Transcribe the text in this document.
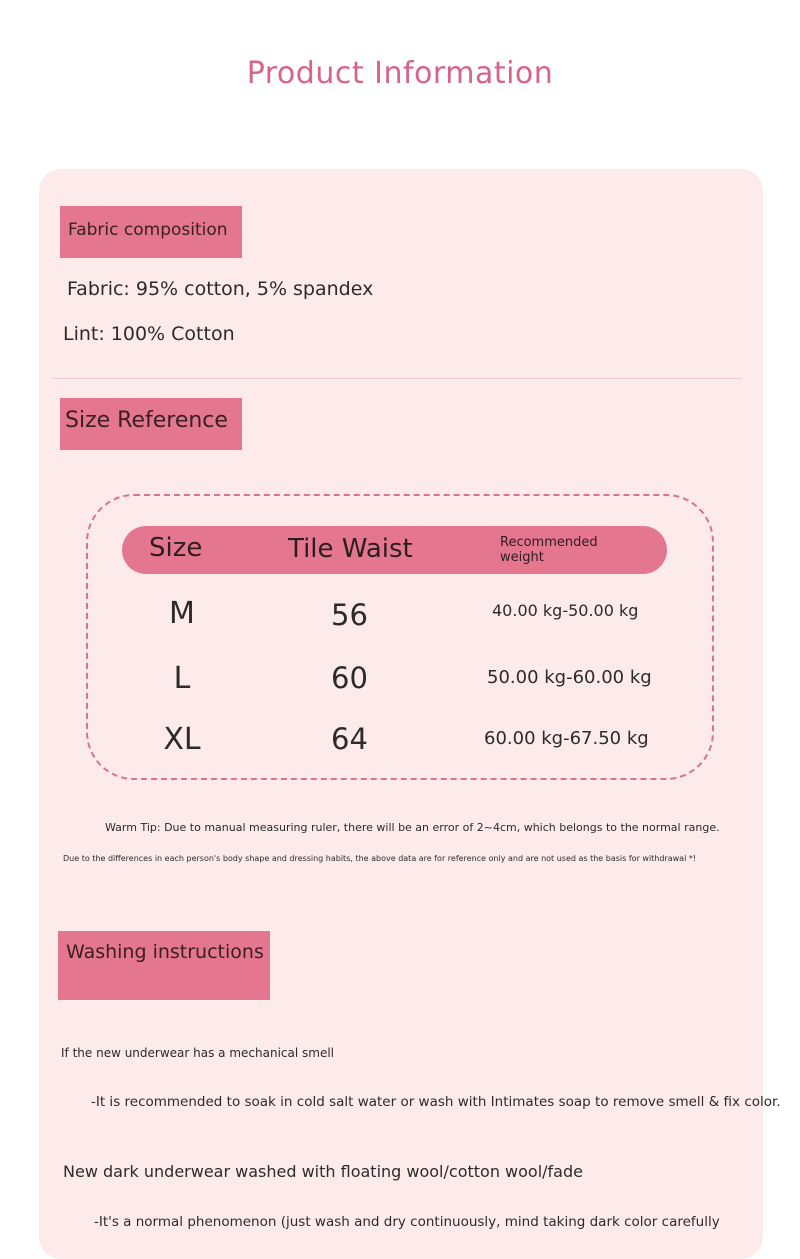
Product Information
Fabric composition
Fabric: 95% cotton, 5% spandex
Lint: 100% Cotton
Size Reference
Size	Tile Waist	Recommended weight
M	56	40.00 kg-50.00 kg
L	60	50.00 kg-60.00 kg
XL	64	60.00 kg-67.50 kg
Warm Tip: Due to manual measuring ruler, there will be an error of 2~4cm, which belongs to the normal range.
Due to the differences in each person's body shape and dressing habits, the above data are for reference only and are not used as the basis for withdrawal *!
Washing instructions
If the new underwear has a mechanical smell
-It is recommended to soak in cold salt water or wash with Intimates soap to remove smell & fix color.
New dark underwear washed with floating wool/cotton wool/fade
-It's a normal phenomenon (just wash and dry continuously, mind taking dark color carefully
